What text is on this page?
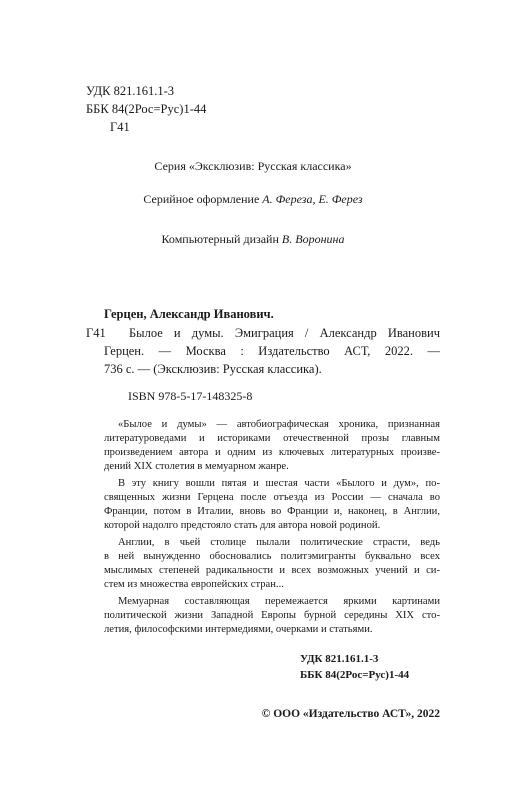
УДК 821.161.1-3
ББК 84(2Рос=Рус)1-44
Г41
Серия «Эксклюзив: Русская классика»
Серийное оформление А. Фереза, Е. Ферез
Компьютерный дизайн В. Воронина
Герцен, Александр Иванович.
Г41 Былое и думы. Эмиграция / Александр Иванович
Герцен. — Москва : Издательство АСТ, 2022. —
736 с. — (Эксклюзив: Русская классика).
ISBN 978-5-17-148325-8
«Былое и думы» — автобиографическая хроника, признанная
литературоведами и историками отечественной прозы главным
произведением автора и одним из ключевых литературных произве-
дений XIX столетия в мемуарном жанре.
В эту книгу вошли пятая и шестая части «Былого и дум», по-
священных жизни Герцена после отъезда из России — сначала во
Франции, потом в Италии, вновь во Франции и, наконец, в Англии,
которой надолго предстояло стать для автора новой родиной.
Англии, в чьей столице пылали политические страсти, ведь
в ней вынужденно обосновались политэмигранты буквально всех
мыслимых степеней радикальности и всех возможных учений и си-
стем из множества европейских стран...
Мемуарная составляющая перемежается яркими картинами
политической жизни Западной Европы бурной середины XIX сто-
летия, философскими интермедиями, очерками и статьями.
УДК 821.161.1-3
ББК 84(2Рос=Рус)1-44
© ООО «Издательство АСТ», 2022
